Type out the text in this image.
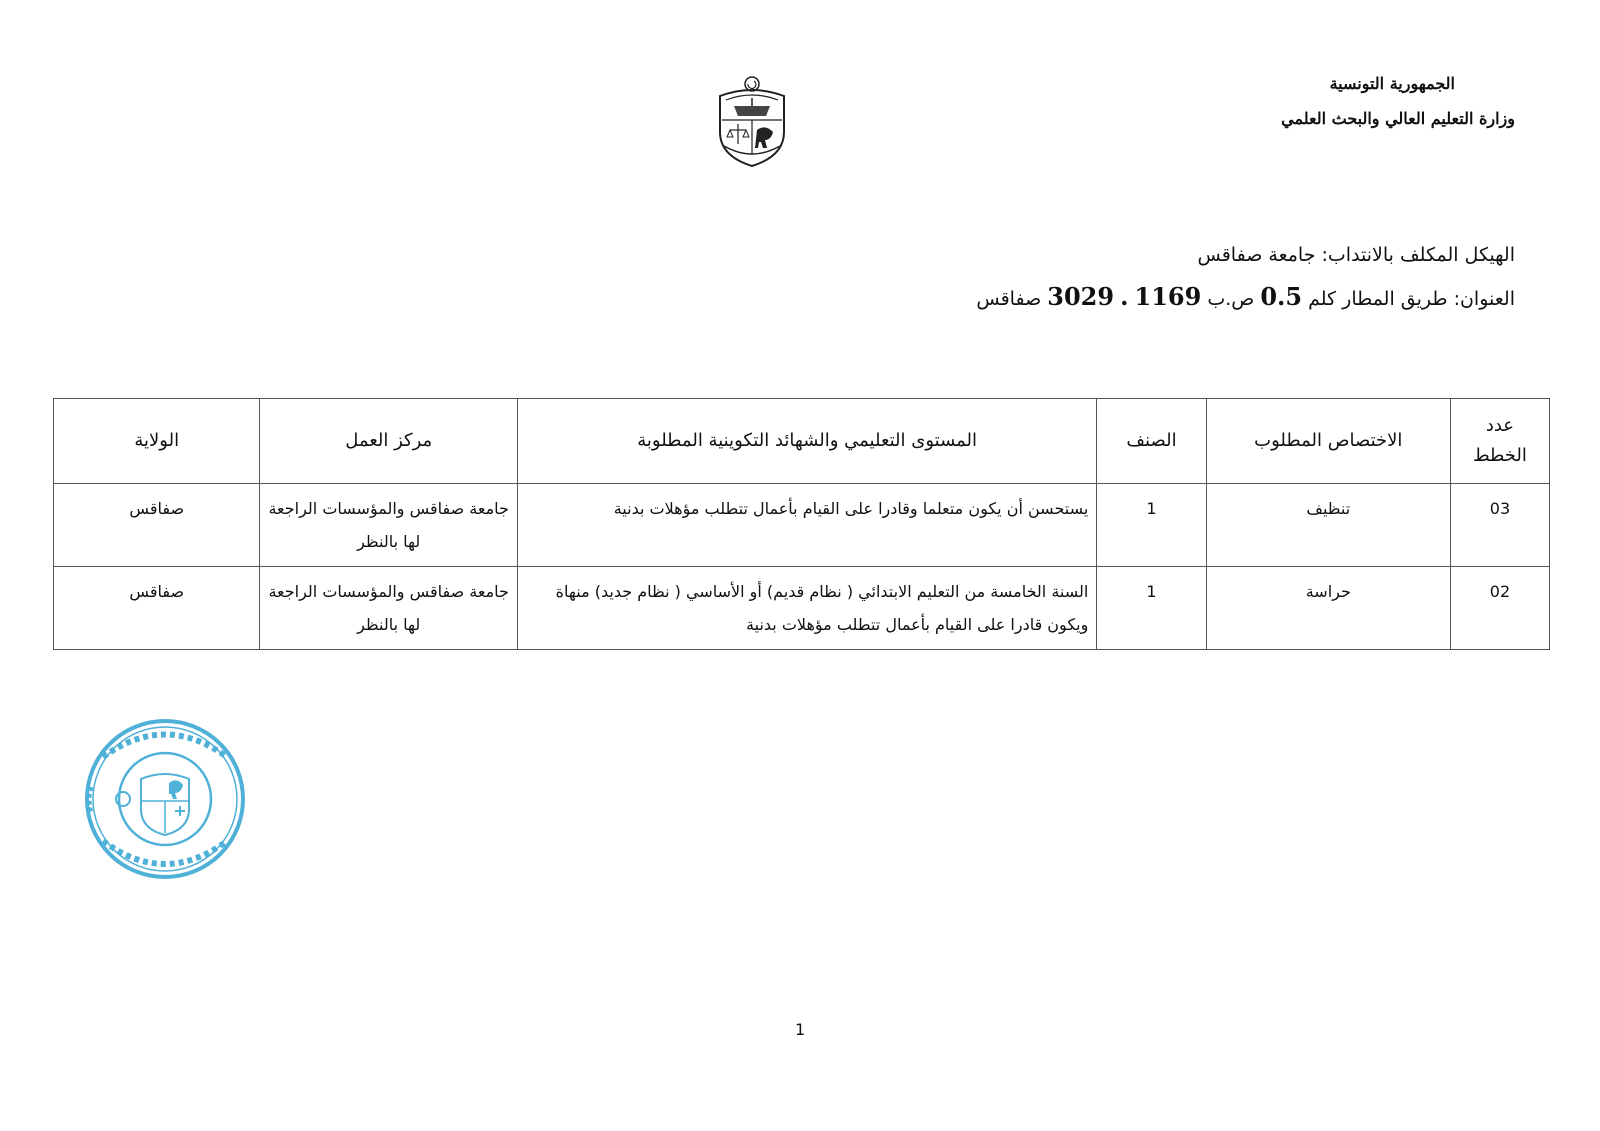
الجمهورية التونسية
وزارة التعليم العالي والبحث العلمي
الهيكل المكلف بالانتداب: جامعة صفاقس
العنوان: طريق المطار كلم 0.5 ص.ب 1169 . 3029 صفاقس
عدد
الخطط	الاختصاص المطلوب	الصنف	المستوى التعليمي والشهائد التكوينية المطلوبة	مركز العمل	الولاية
03	تنظيف	1	يستحسن أن يكون متعلما وقادرا على القيام بأعمال تتطلب مؤهلات بدنية	جامعة صفاقس والمؤسسات الراجعة لها بالنظر	صفاقس
02	حراسة	1	السنة الخامسة من التعليم الابتدائي ( نظام قديم) أو الأساسي ( نظام جديد) منهاة ويكون قادرا على القيام بأعمال تتطلب مؤهلات بدنية	جامعة صفاقس والمؤسسات الراجعة لها بالنظر	صفاقس
1
